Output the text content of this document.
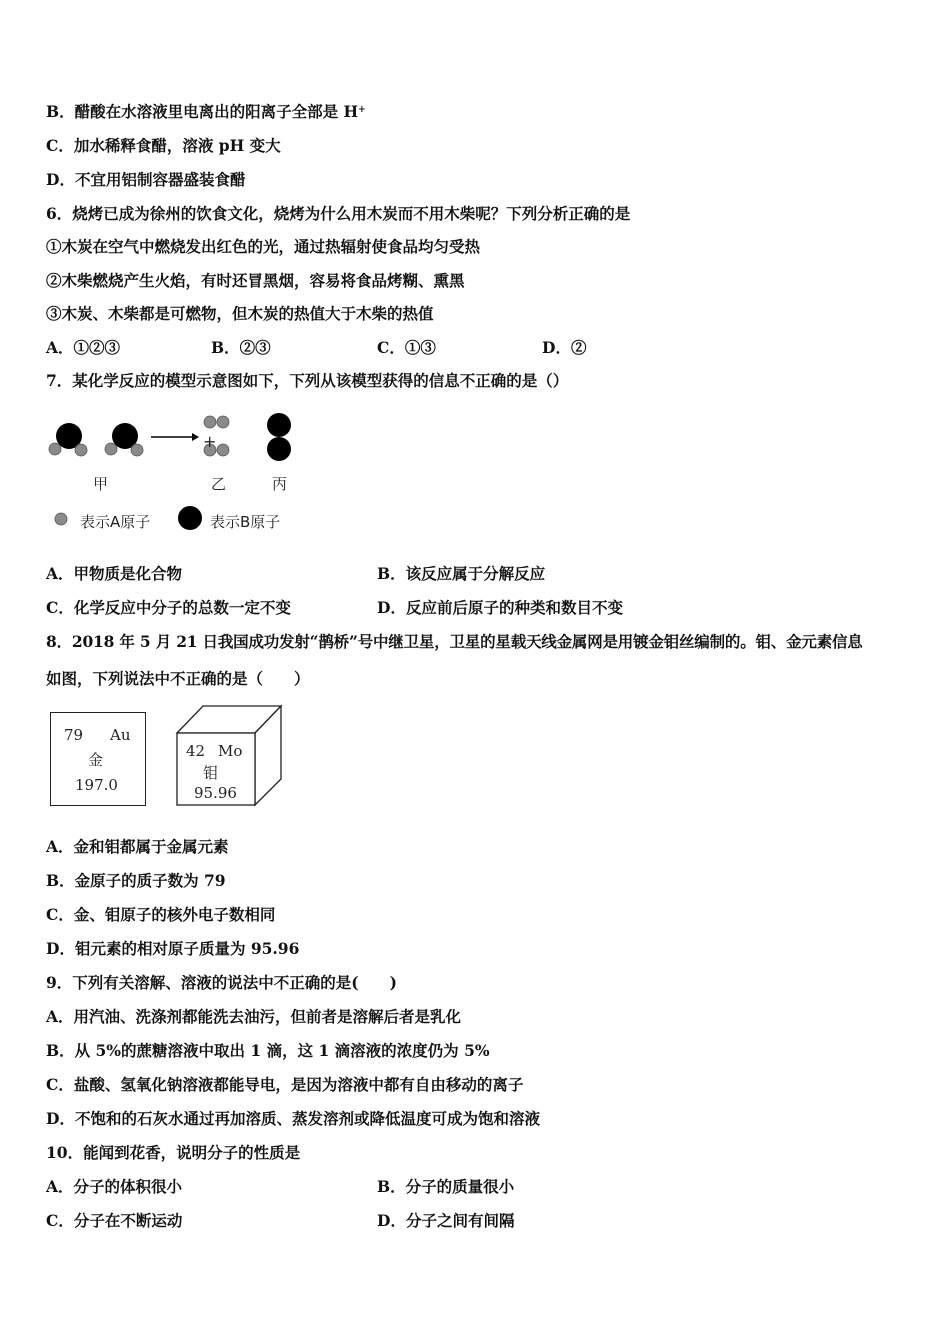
B．醋酸在水溶液里电离出的阳离子全部是 H+
C．加水稀释食醋，溶液 pH 变大
D．不宜用铝制容器盛装食醋
6．烧烤已成为徐州的饮食文化，烧烤为什么用木炭而不用木柴呢？下列分析正确的是
①木炭在空气中燃烧发出红色的光，通过热辐射使食品均匀受热
②木柴燃烧产生火焰，有时还冒黑烟，容易将食品烤糊、熏黑
③木炭、木柴都是可燃物，但木炭的热值大于木柴的热值
A．①②③	B．②③	C．①③	D．②
7．某化学反应的模型示意图如下，下列从该模型获得的信息不正确的是（）
+
甲	乙	丙
表示A原子	表示B原子
A．甲物质是化合物	B．该反应属于分解反应
C．化学反应中分子的总数一定不变	D．反应前后原子的种类和数目不变
8．2018 年 5 月 21 日我国成功发射“鹊桥”号中继卫星，卫星的星载天线金属网是用镀金钼丝编制的。钼、金元素信息
如图，下列说法中不正确的是（　　）
79 Au
金
197.0
42 Mo
钼
95.96
A．金和钼都属于金属元素
B．金原子的质子数为 79
C．金、钼原子的核外电子数相同
D．钼元素的相对原子质量为 95.96
9．下列有关溶解、溶液的说法中不正确的是(　　)
A．用汽油、洗涤剂都能洗去油污，但前者是溶解后者是乳化
B．从 5%的蔗糖溶液中取出 1 滴，这 1 滴溶液的浓度仍为 5%
C．盐酸、氢氧化钠溶液都能导电，是因为溶液中都有自由移动的离子
D．不饱和的石灰水通过再加溶质、蒸发溶剂或降低温度可成为饱和溶液
10．能闻到花香，说明分子的性质是
A．分子的体积很小	B．分子的质量很小
C．分子在不断运动	D．分子之间有间隔
